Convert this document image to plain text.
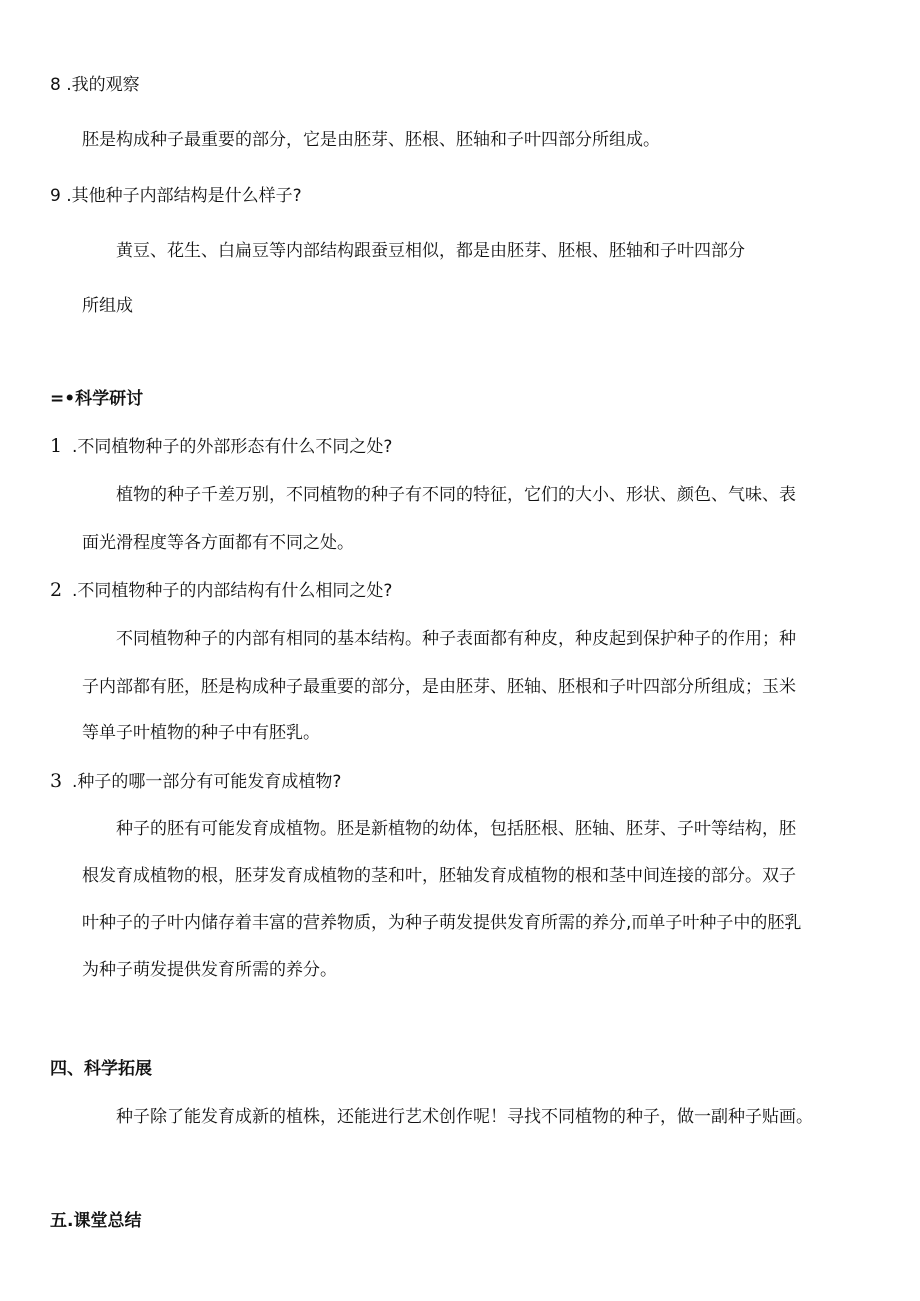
8 .我的观察
胚是构成种子最重要的部分，它是由胚芽、胚根、胚轴和子叶四部分所组成。
9 .其他种子内部结构是什么样子?
黄豆、花生、白扁豆等内部结构跟蚕豆相似，都是由胚芽、胚根、胚轴和子叶四部分
所组成
=•科学研讨
1 .不同植物种子的外部形态有什么不同之处?
植物的种子千差万别，不同植物的种子有不同的特征，它们的大小、形状、颜色、气味、表
面光滑程度等各方面都有不同之处。
2 .不同植物种子的内部结构有什么相同之处?
不同植物种子的内部有相同的基本结构。种子表面都有种皮，种皮起到保护种子的作用；种
子内部都有胚，胚是构成种子最重要的部分，是由胚芽、胚轴、胚根和子叶四部分所组成；玉米
等单子叶植物的种子中有胚乳。
3 .种子的哪一部分有可能发育成植物?
种子的胚有可能发育成植物。胚是新植物的幼体，包括胚根、胚轴、胚芽、子叶等结构，胚
根发育成植物的根，胚芽发育成植物的茎和叶，胚轴发育成植物的根和茎中间连接的部分。双子
叶种子的子叶内储存着丰富的营养物质，为种子萌发提供发育所需的养分,而单子叶种子中的胚乳
为种子萌发提供发育所需的养分。
四、科学拓展
种子除了能发育成新的植株，还能进行艺术创作呢！寻找不同植物的种子，做一副种子贴画。
五.课堂总结
